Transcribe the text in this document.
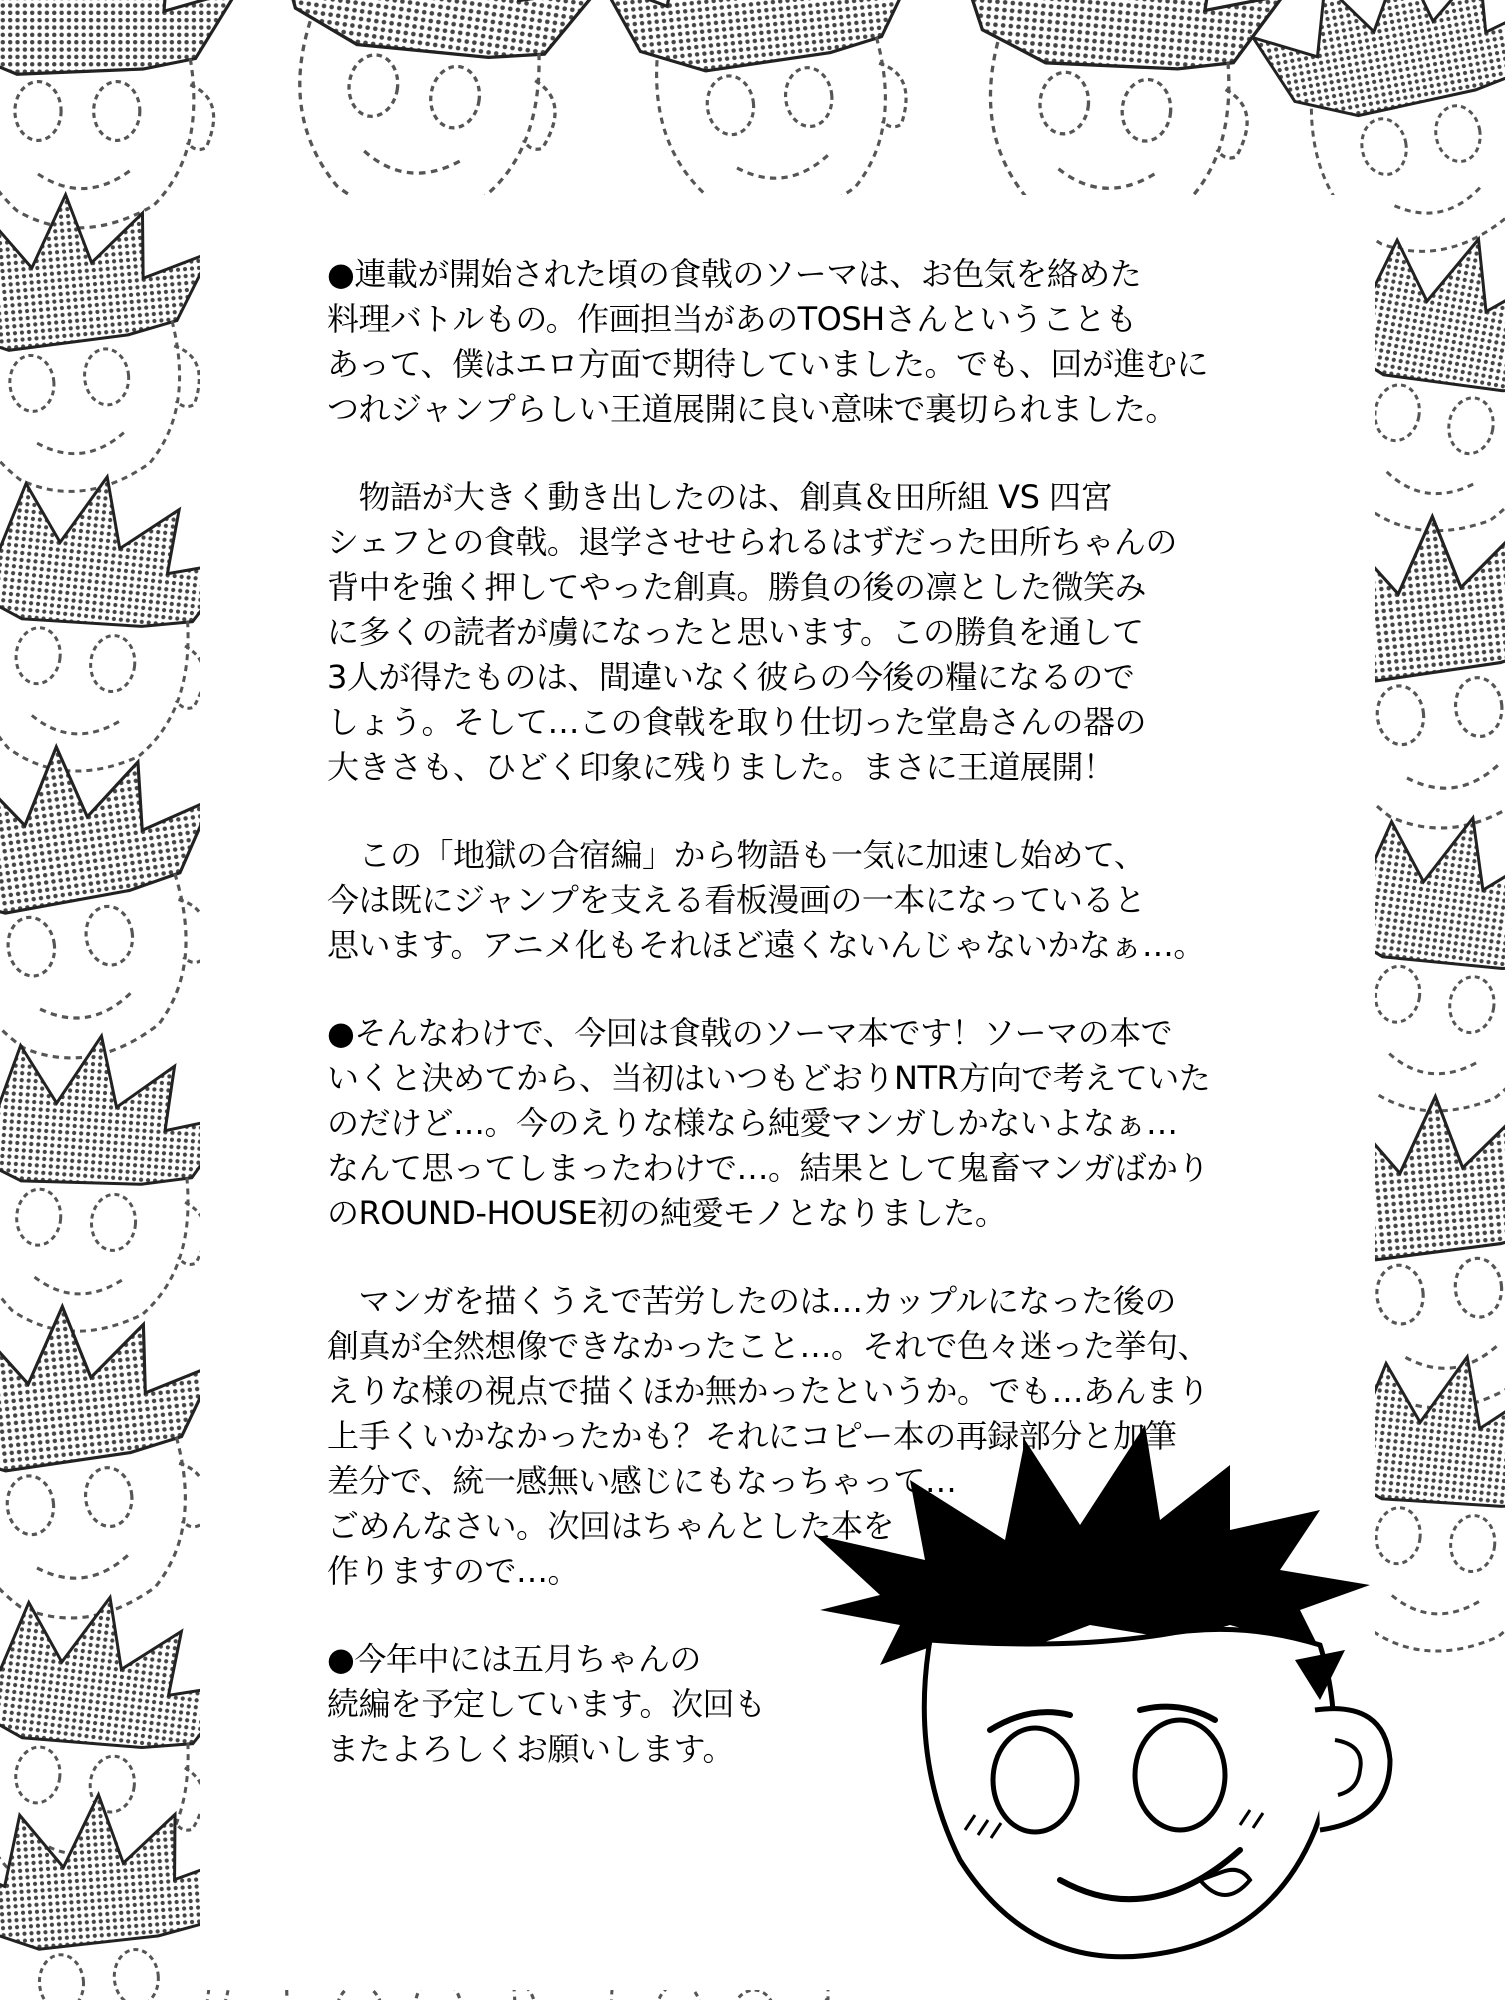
●連載が開始された頃の食戟のソーマは、お色気を絡めた
料理バトルもの。作画担当があのTOSHさんということも
あって、僕はエロ方面で期待していました。でも、回が進むに
つれジャンプらしい王道展開に良い意味で裏切られました。
　物語が大きく動き出したのは、創真＆田所組 VS 四宮
シェフとの食戟。退学させせられるはずだった田所ちゃんの
背中を強く押してやった創真。勝負の後の凛とした微笑み
に多くの読者が虜になったと思います。この勝負を通して
3人が得たものは、間違いなく彼らの今後の糧になるので
しょう。そして…この食戟を取り仕切った堂島さんの器の
大きさも、ひどく印象に残りました。まさに王道展開！
　この「地獄の合宿編」から物語も一気に加速し始めて、
今は既にジャンプを支える看板漫画の一本になっていると
思います。アニメ化もそれほど遠くないんじゃないかなぁ…。
●そんなわけで、今回は食戟のソーマ本です！ソーマの本で
いくと決めてから、当初はいつもどおりNTR方向で考えていた
のだけど…。今のえりな様なら純愛マンガしかないよなぁ…
なんて思ってしまったわけで…。結果として鬼畜マンガばかり
のROUND-HOUSE初の純愛モノとなりました。
　マンガを描くうえで苦労したのは…カップルになった後の
創真が全然想像できなかったこと…。それで色々迷った挙句、
えりな様の視点で描くほか無かったというか。でも…あんまり
上手くいかなかったかも？それにコピー本の再録部分と加筆
差分で、統一感無い感じにもなっちゃって…
ごめんなさい。次回はちゃんとした本を
作りますので…。
●今年中には五月ちゃんの
続編を予定しています。次回も
またよろしくお願いします。
